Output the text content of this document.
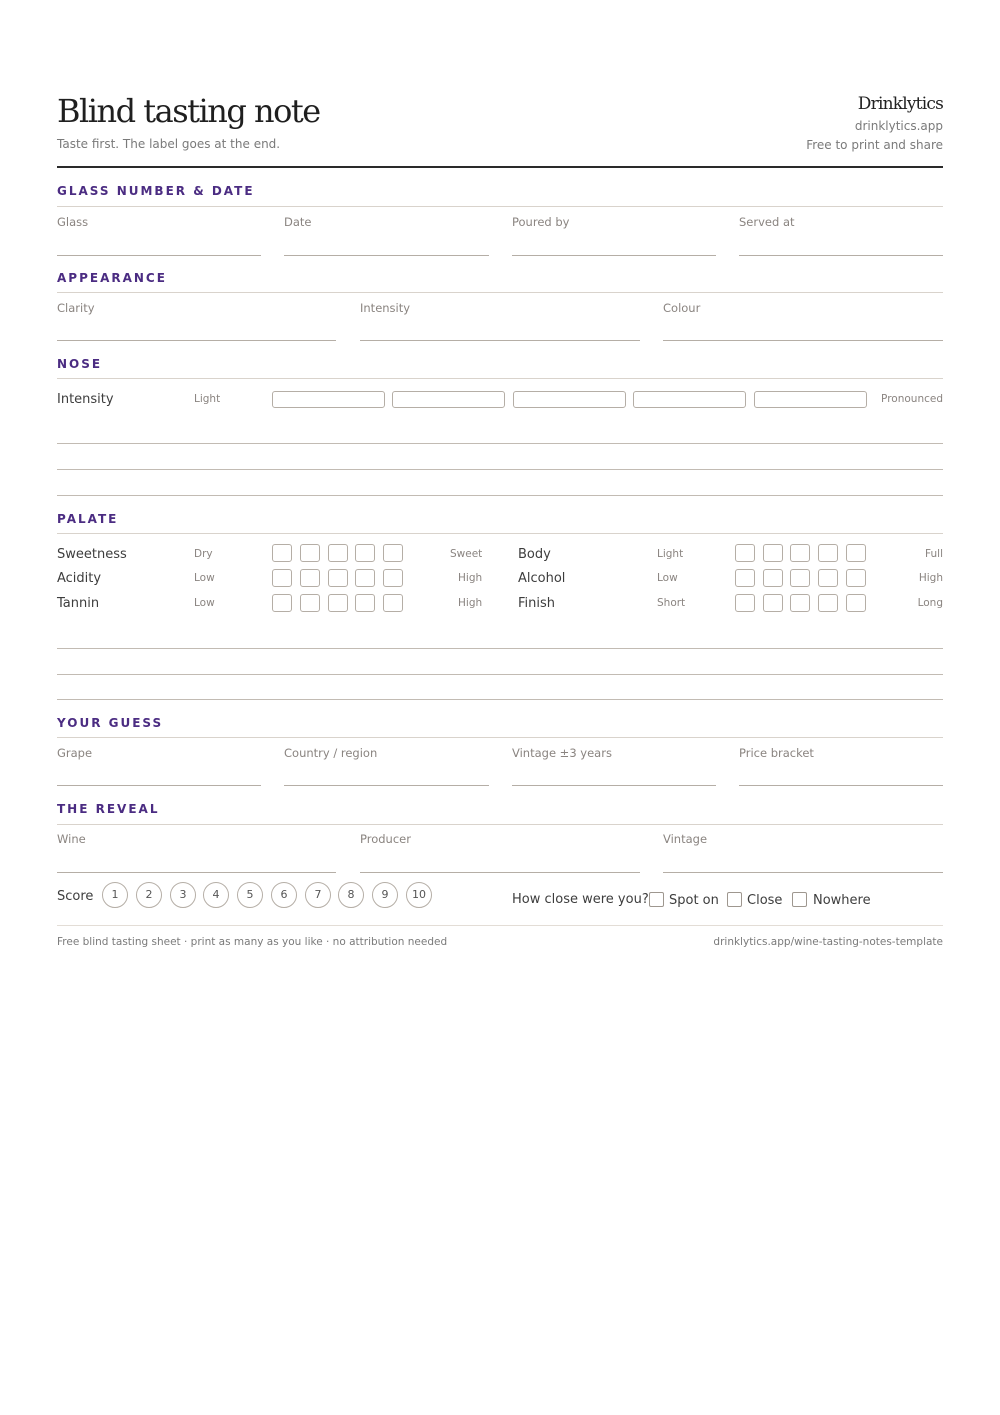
Blind tasting note
Taste first. The label goes at the end.
Drinklytics
drinklytics.app
Free to print and share
GLASS NUMBER & DATE
Glass	Date	Poured by	Served at
APPEARANCE
Clarity	Intensity	Colour
NOSE
Intensity	Light	Pronounced
PALATE
Sweetness	Dry	Sweet
Acidity	Low	High
Tannin	Low	High
Body	Light	Full
Alcohol	Low	High
Finish	Short	Long
YOUR GUESS
Grape	Country / region	Vintage ±3 years	Price bracket
THE REVEAL
Wine	Producer	Vintage
Score	1	2	3	4	5	6	7	8	9	10	How close were you? Spot on Close Nowhere
Free blind tasting sheet · print as many as you like · no attribution needed	drinklytics.app/wine-tasting-notes-template
